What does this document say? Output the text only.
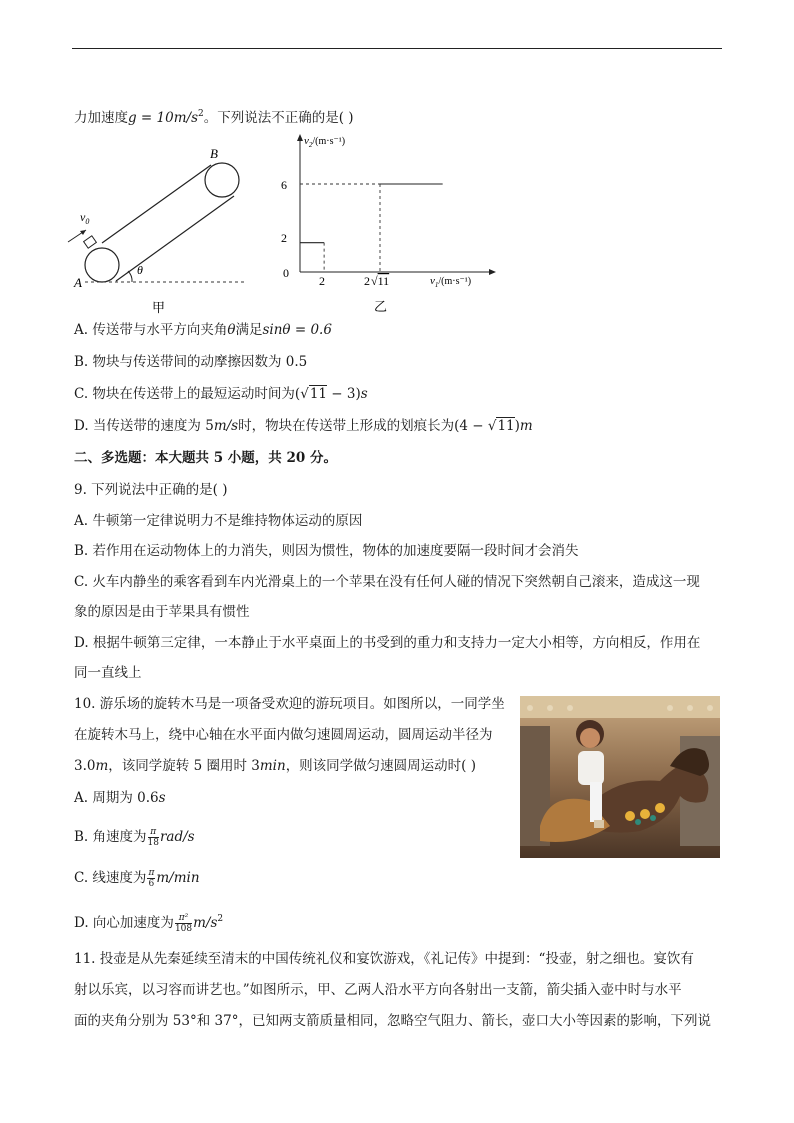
力加速度$g = 10m/s^2$。下列说法不正确的是( )
$v_0$
A
B
θ
甲
$v_2/(m\cdot s^{-1})$
$v_1/(m\cdot s^{-1})$
6
2
0
2	2√11
乙
A. 传送带与水平方向夹角θ满足sinθ = 0.6
B. 物块与传送带间的动摩擦因数为 0.5
C. 物块在传送带上的最短运动时间为(√11 − 3)s
D. 当传送带的速度为 5m/s时，物块在传送带上形成的划痕长为(4 − √11)m
二、多选题：本大题共 5 小题，共 20 分。
9. 下列说法中正确的是( )
A. 牛顿第一定律说明力不是维持物体运动的原因
B. 若作用在运动物体上的力消失，则因为惯性，物体的加速度要隔一段时间才会消失
C. 火车内静坐的乘客看到车内光滑桌上的一个苹果在没有任何人碰的情况下突然朝自己滚来，造成这一现
象的原因是由于苹果具有惯性
D. 根据牛顿第三定律，一本静止于水平桌面上的书受到的重力和支持力一定大小相等，方向相反，作用在
同一直线上
10. 游乐场的旋转木马是一项备受欢迎的游玩项目。如图所以，一同学坐
在旋转木马上，绕中心轴在水平面内做匀速圆周运动，圆周运动半径为
3.0m，该同学旋转 5 圈用时 3min，则该同学做匀速圆周运动时( )
A. 周期为 0.6s
B. 角速度为 $\frac{\pi}{18} rad/s$
C. 线速度为 $\frac{\pi}{6} m/\min$
D. 向心加速度为 $\frac{\text{π²}}{108} m/s^2$
11. 投壶是从先秦延续至清末的中国传统礼仪和宴饮游戏，《礼记传》中提到：“投壶，射之细也。宴饮有
射以乐宾，以习容而讲艺也。”如图所示，甲、乙两人沿水平方向各射出一支箭，箭尖插入壶中时与水平
面的夹角分别为 53°和 37°，已知两支箭质量相同，忽略空气阻力、箭长，壶口大小等因素的影响，下列说
